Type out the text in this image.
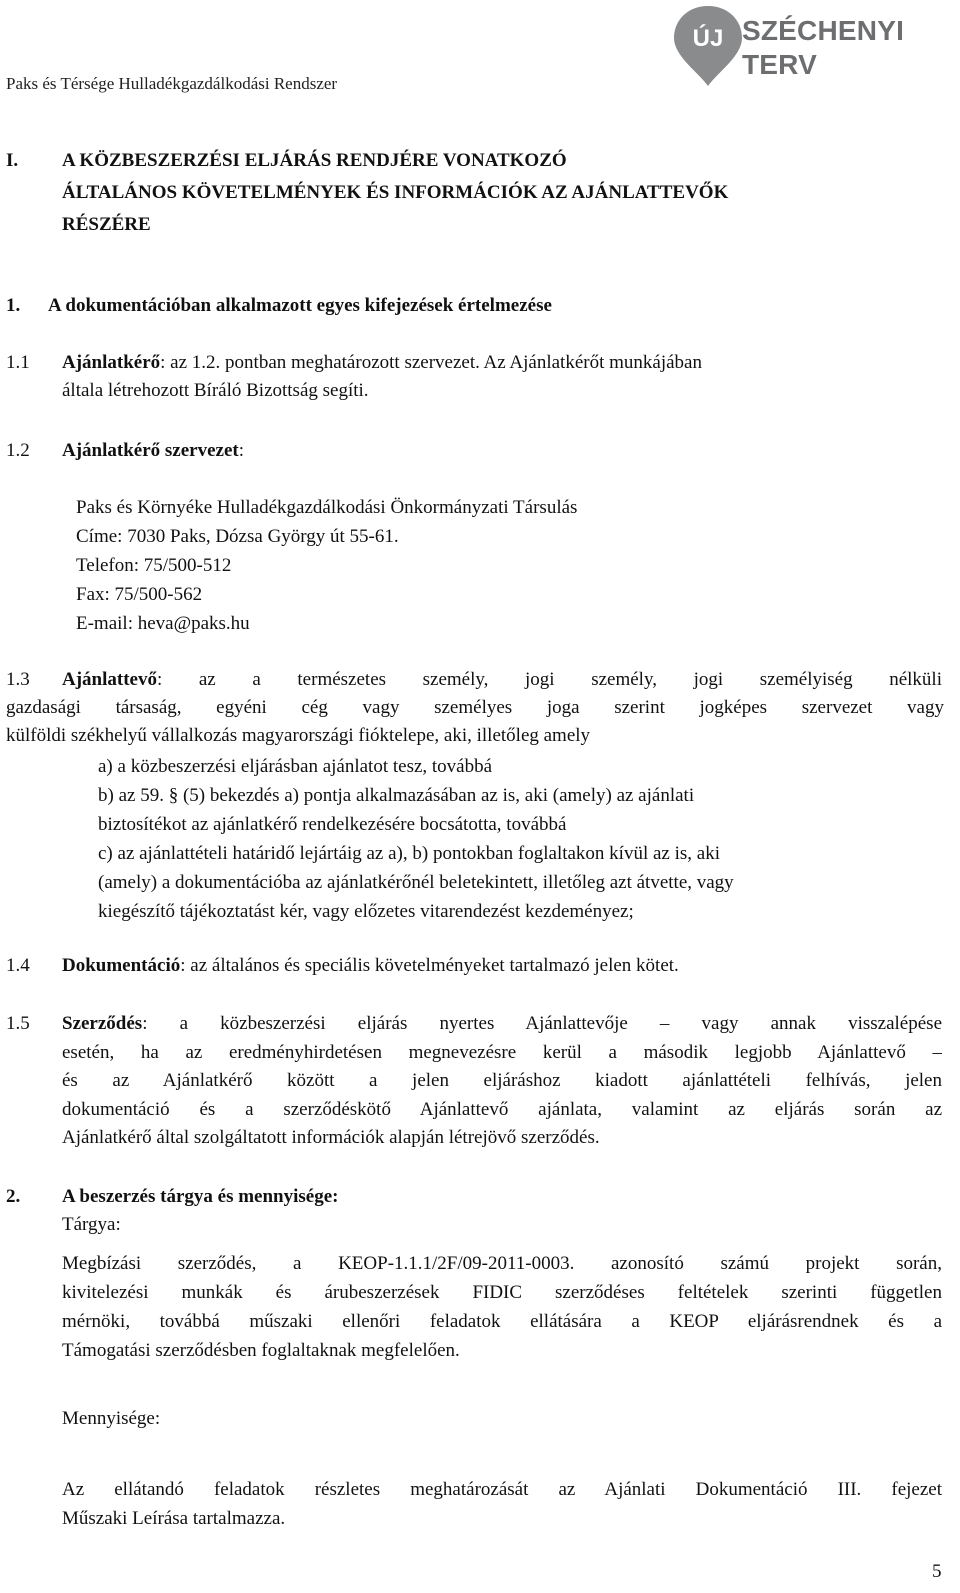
Paks és Térsége Hulladékgazdálkodási Rendszer
ÚJ SZÉCHENYI TERV
I. A KÖZBESZERZÉSI ELJÁRÁS RENDJÉRE VONATKOZÓ
ÁLTALÁNOS KÖVETELMÉNYEK ÉS INFORMÁCIÓK AZ AJÁNLATTEVŐK
RÉSZÉRE
1. A dokumentációban alkalmazott egyes kifejezések értelmezése
1.1 Ajánlatkérő: az 1.2. pontban meghatározott szervezet. Az Ajánlatkérőt munkájában
általa létrehozott Bíráló Bizottság segíti.
1.2 Ajánlatkérő szervezet:
Paks és Környéke Hulladékgazdálkodási Önkormányzati Társulás
Címe: 7030 Paks, Dózsa György út 55-61.
Telefon: 75/500-512
Fax: 75/500-562
E-mail: heva@paks.hu
1.3 Ajánlattevő: az a természetes személy, jogi személy, jogi személyiség nélküli
gazdasági társaság, egyéni cég vagy személyes joga szerint jogképes szervezet vagy
külföldi székhelyű vállalkozás magyarországi fióktelepe, aki, illetőleg amely
a) a közbeszerzési eljárásban ajánlatot tesz, továbbá
b) az 59. § (5) bekezdés a) pontja alkalmazásában az is, aki (amely) az ajánlati
biztosítékot az ajánlatkérő rendelkezésére bocsátotta, továbbá
c) az ajánlattételi határidő lejártáig az a), b) pontokban foglaltakon kívül az is, aki
(amely) a dokumentációba az ajánlatkérőnél beletekintett, illetőleg azt átvette, vagy
kiegészítő tájékoztatást kér, vagy előzetes vitarendezést kezdeményez;
1.4 Dokumentáció: az általános és speciális követelményeket tartalmazó jelen kötet.
1.5 Szerződés: a közbeszerzési eljárás nyertes Ajánlattevője – vagy annak visszalépése
esetén, ha az eredményhirdetésen megnevezésre kerül a második legjobb Ajánlattevő –
és az Ajánlatkérő között a jelen eljáráshoz kiadott ajánlattételi felhívás, jelen
dokumentáció és a szerződéskötő Ajánlattevő ajánlata, valamint az eljárás során az
Ajánlatkérő által szolgáltatott információk alapján létrejövő szerződés.
2. A beszerzés tárgya és mennyisége:
Tárgya:
Megbízási szerződés, a KEOP-1.1.1/2F/09-2011-0003. azonosító számú projekt során,
kivitelezési munkák és árubeszerzések FIDIC szerződéses feltételek szerinti független
mérnöki, továbbá műszaki ellenőri feladatok ellátására a KEOP eljárásrendnek és a
Támogatási szerződésben foglaltaknak megfelelően.
Mennyisége:
Az ellátandó feladatok részletes meghatározását az Ajánlati Dokumentáció III. fejezet
Műszaki Leírása tartalmazza.
5
